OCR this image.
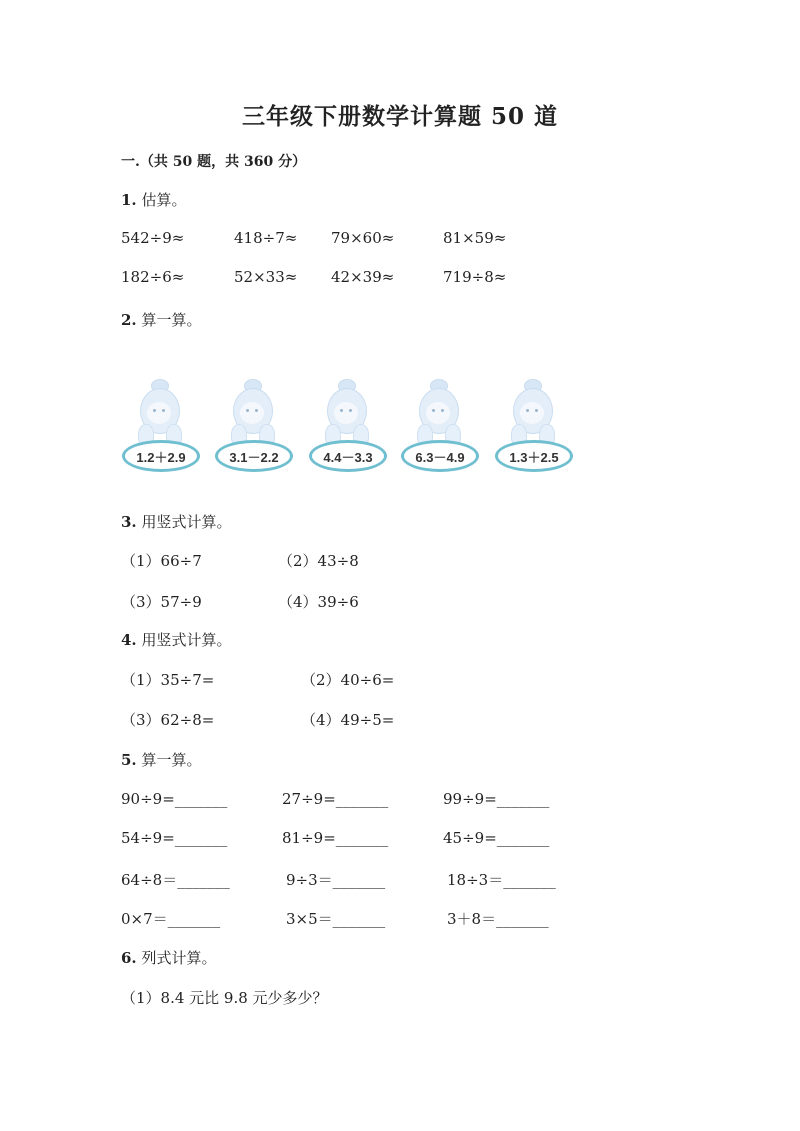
三年级下册数学计算题 50 道
一.（共 50 题，共 360 分）
1. 估算。
542÷9≈	418÷7≈ 79×60≈	81×59≈
182÷6≈	52×33≈ 42×39≈	719÷8≈
2. 算一算。
1.2＋2.9	3.1－2.2	4.4－3.3	6.3－4.9	1.3＋2.5
3. 用竖式计算。
（1）66÷7	（2）43÷8
（3）57÷9	（4）39÷6
4. 用竖式计算。
（1）35÷7=	（2）40÷6=
（3）62÷8=	（4）49÷5=
5. 算一算。
90÷9=_______	27÷9=_______	99÷9=_______
54÷9=_______	81÷9=_______	45÷9=_______
64÷8＝_______	9÷3＝_______	18÷3＝_______
0×7＝_______	3×5＝_______	3＋8＝_______
6. 列式计算。
（1）8.4 元比 9.8 元少多少？
